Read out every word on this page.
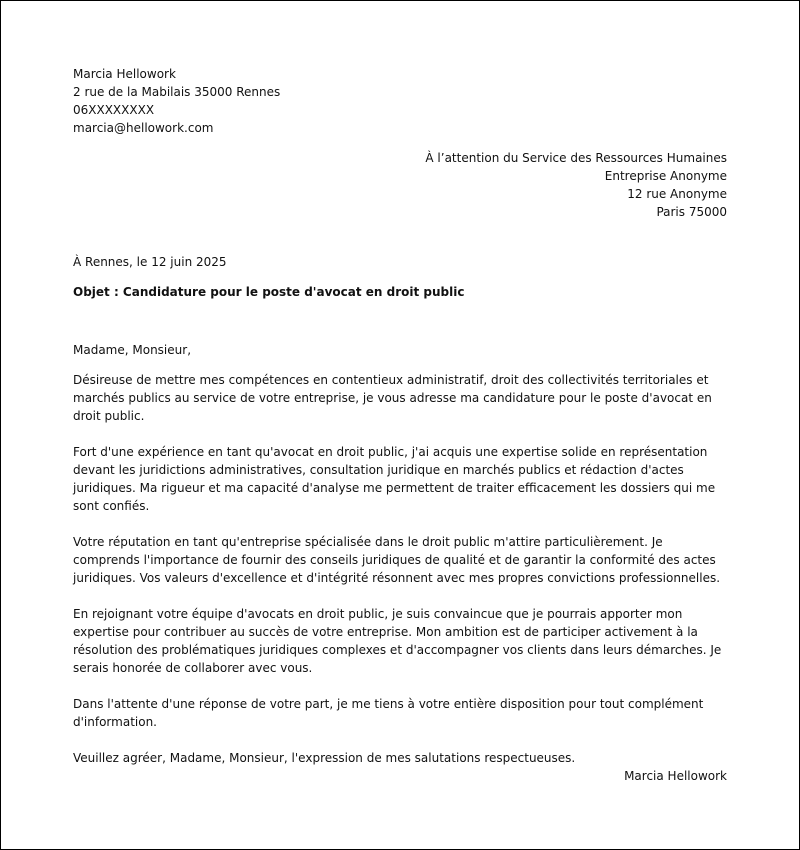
Marcia Hellowork
2 rue de la Mabilais 35000 Rennes
06XXXXXXXX
marcia@hellowork.com
À l’attention du Service des Ressources Humaines
Entreprise Anonyme
12 rue Anonyme
Paris 75000
À Rennes, le 12 juin 2025
Objet : Candidature pour le poste d'avocat en droit public

Madame, Monsieur,

Désireuse de mettre mes compétences en contentieux administratif, droit des collectivités territoriales et marchés publics au service de votre entreprise, je vous adresse ma candidature pour le poste d'avocat en droit public.

Fort d'une expérience en tant qu'avocat en droit public, j'ai acquis une expertise solide en représentation devant les juridictions administratives, consultation juridique en marchés publics et rédaction d'actes juridiques. Ma rigueur et ma capacité d'analyse me permettent de traiter efficacement les dossiers qui me sont confiés.

Votre réputation en tant qu'entreprise spécialisée dans le droit public m'attire particulièrement. Je comprends l'importance de fournir des conseils juridiques de qualité et de garantir la conformité des actes juridiques. Vos valeurs d'excellence et d'intégrité résonnent avec mes propres convictions professionnelles.

En rejoignant votre équipe d'avocats en droit public, je suis convaincue que je pourrais apporter mon expertise pour contribuer au succès de votre entreprise. Mon ambition est de participer activement à la résolution des problématiques juridiques complexes et d'accompagner vos clients dans leurs démarches. Je serais honorée de collaborer avec vous.

Dans l'attente d'une réponse de votre part, je me tiens à votre entière disposition pour tout complément d'information.

Veuillez agréer, Madame, Monsieur, l'expression de mes salutations respectueuses.

Marcia Hellowork
